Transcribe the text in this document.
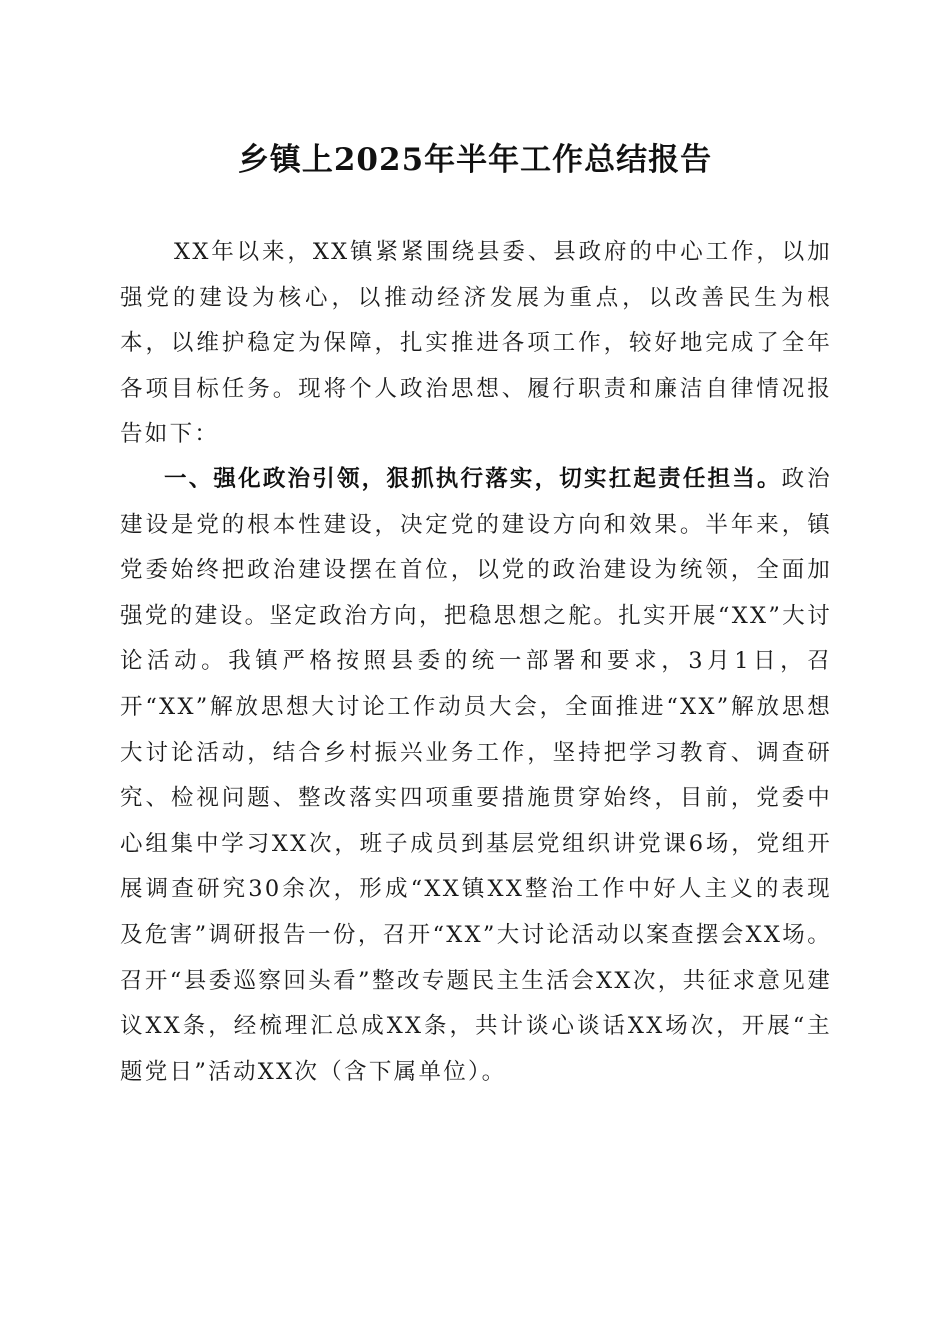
乡镇上2025年半年工作总结报告

XX年以来，XX镇紧紧围绕县委、县政府的中心工作，以加强党的建设为核心，以推动经济发展为重点，以改善民生为根本，以维护稳定为保障，扎实推进各项工作，较好地完成了全年各项目标任务。现将个人政治思想、履行职责和廉洁自律情况报告如下：

一、强化政治引领，狠抓执行落实，切实扛起责任担当。政治建设是党的根本性建设，决定党的建设方向和效果。半年来，镇党委始终把政治建设摆在首位，以党的政治建设为统领，全面加强党的建设。坚定政治方向，把稳思想之舵。扎实开展“XX”大讨论活动。我镇严格按照县委的统一部署和要求，3月1日，召开“XX”解放思想大讨论工作动员大会，全面推进“XX”解放思想大讨论活动，结合乡村振兴业务工作，坚持把学习教育、调查研究、检视问题、整改落实四项重要措施贯穿始终，目前，党委中心组集中学习XX次，班子成员到基层党组织讲党课6场，党组开展调查研究30余次，形成“XX镇XX整治工作中好人主义的表现及危害”调研报告一份，召开“XX”大讨论活动以案查摆会XX场。召开“县委巡察回头看”整改专题民主生活会XX次，共征求意见建议XX条，经梳理汇总成XX条，共计谈心谈话XX场次，开展“主题党日”活动XX次（含下属单位）。
